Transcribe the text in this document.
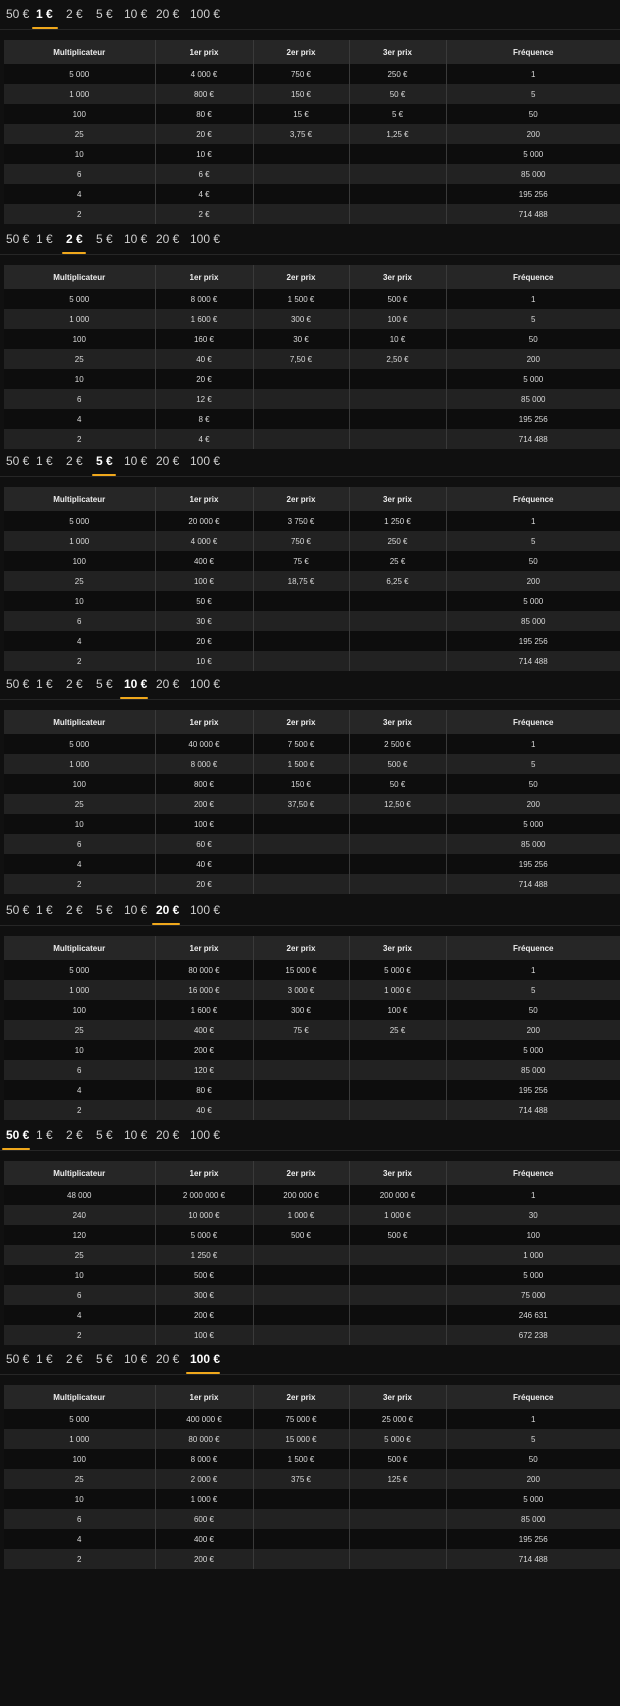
50 € 1 € 2 € 5 € 10 € 20 € 100 €
Multiplicateur	1er prix	2er prix	3er prix	Fréquence
5 000	4 000 €	750 €	250 €	1
1 000	800 €	150 €	50 €	5
100	80 €	15 €	5 €	50
25	20 €	3,75 €	1,25 €	200
10	10 €			5 000
6	6 €			85 000
4	4 €			195 256
2	2 €			714 488
50 € 1 € 2 € 5 € 10 € 20 € 100 €
Multiplicateur	1er prix	2er prix	3er prix	Fréquence
5 000	8 000 €	1 500 €	500 €	1
1 000	1 600 €	300 €	100 €	5
100	160 €	30 €	10 €	50
25	40 €	7,50 €	2,50 €	200
10	20 €			5 000
6	12 €			85 000
4	8 €			195 256
2	4 €			714 488
50 € 1 € 2 € 5 € 10 € 20 € 100 €
Multiplicateur	1er prix	2er prix	3er prix	Fréquence
5 000	20 000 €	3 750 €	1 250 €	1
1 000	4 000 €	750 €	250 €	5
100	400 €	75 €	25 €	50
25	100 €	18,75 €	6,25 €	200
10	50 €			5 000
6	30 €			85 000
4	20 €			195 256
2	10 €			714 488
50 € 1 € 2 € 5 € 10 € 20 € 100 €
Multiplicateur	1er prix	2er prix	3er prix	Fréquence
5 000	40 000 €	7 500 €	2 500 €	1
1 000	8 000 €	1 500 €	500 €	5
100	800 €	150 €	50 €	50
25	200 €	37,50 €	12,50 €	200
10	100 €			5 000
6	60 €			85 000
4	40 €			195 256
2	20 €			714 488
50 € 1 € 2 € 5 € 10 € 20 € 100 €
Multiplicateur	1er prix	2er prix	3er prix	Fréquence
5 000	80 000 €	15 000 €	5 000 €	1
1 000	16 000 €	3 000 €	1 000 €	5
100	1 600 €	300 €	100 €	50
25	400 €	75 €	25 €	200
10	200 €			5 000
6	120 €			85 000
4	80 €			195 256
2	40 €			714 488
50 € 1 € 2 € 5 € 10 € 20 € 100 €
Multiplicateur	1er prix	2er prix	3er prix	Fréquence
48 000	2 000 000 €	200 000 €	200 000 €	1
240	10 000 €	1 000 €	1 000 €	30
120	5 000 €	500 €	500 €	100
25	1 250 €			1 000
10	500 €			5 000
6	300 €			75 000
4	200 €			246 631
2	100 €			672 238
50 € 1 € 2 € 5 € 10 € 20 € 100 €
Multiplicateur	1er prix	2er prix	3er prix	Fréquence
5 000	400 000 €	75 000 €	25 000 €	1
1 000	80 000 €	15 000 €	5 000 €	5
100	8 000 €	1 500 €	500 €	50
25	2 000 €	375 €	125 €	200
10	1 000 €			5 000
6	600 €			85 000
4	400 €			195 256
2	200 €			714 488
